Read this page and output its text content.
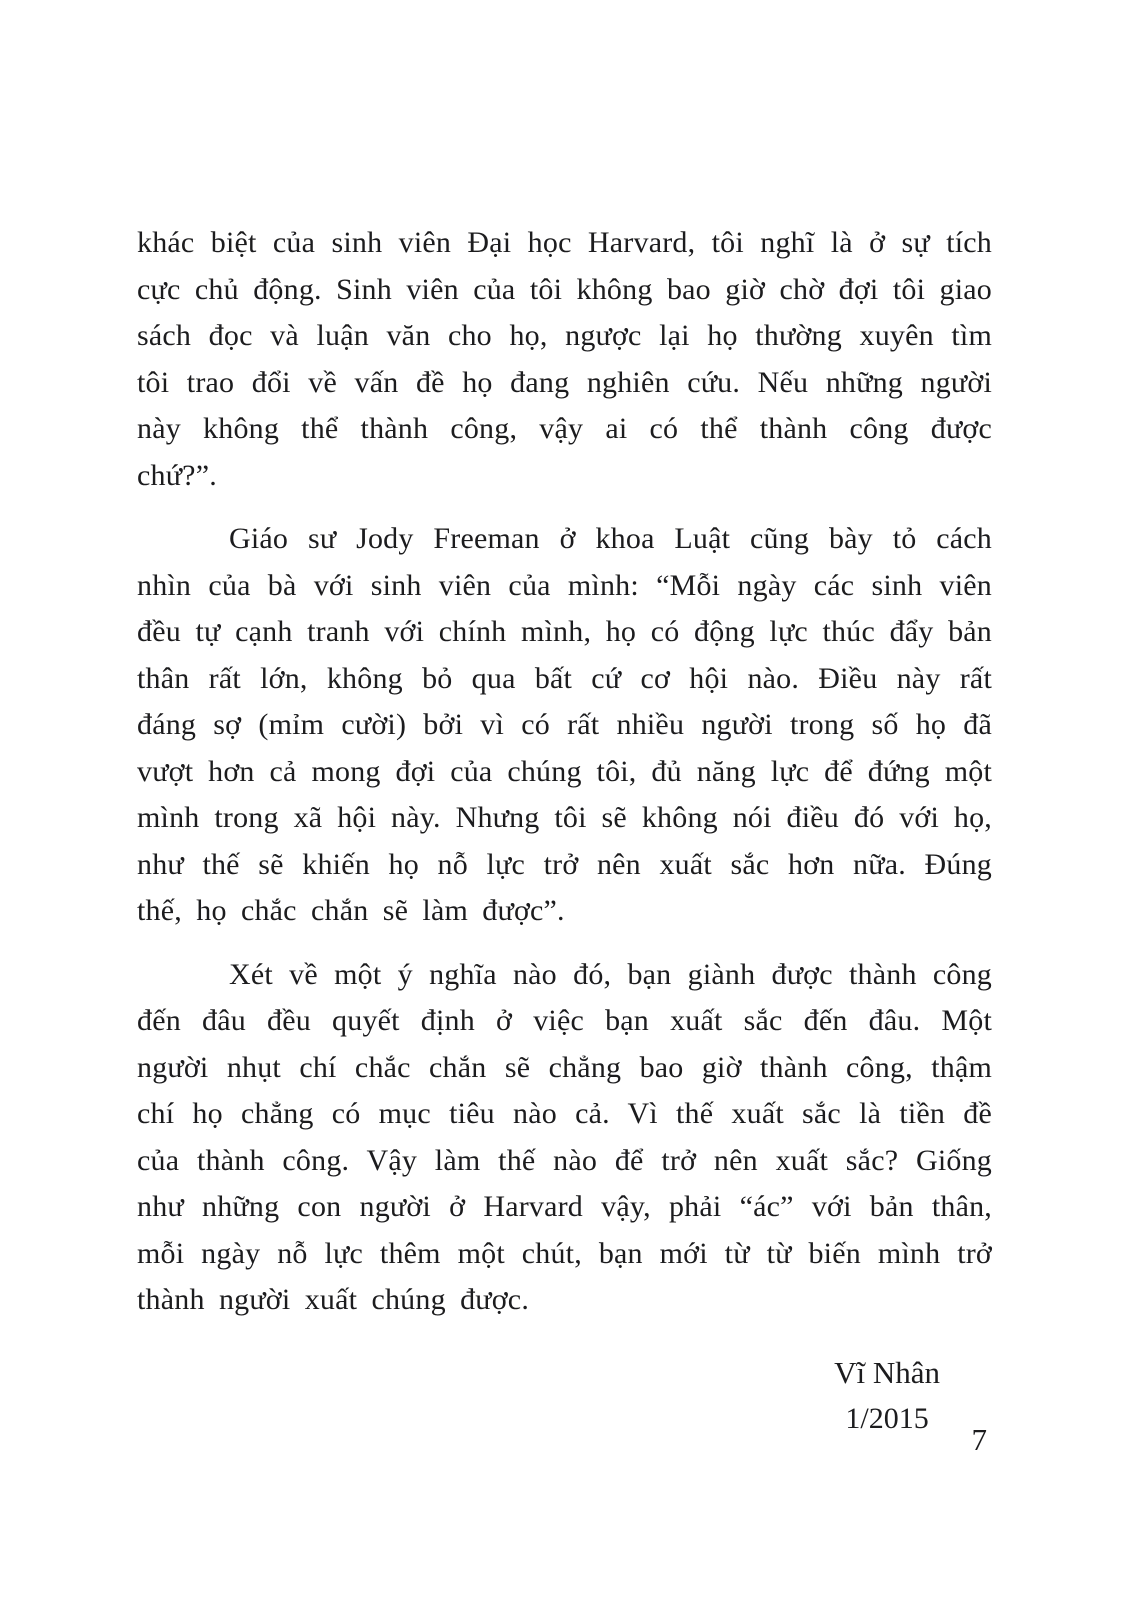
khác biệt của sinh viên Đại học Harvard, tôi nghĩ là ở sự tích cực chủ động. Sinh viên của tôi không bao giờ chờ đợi tôi giao sách đọc và luận văn cho họ, ngược lại họ thường xuyên tìm tôi trao đổi về vấn đề họ đang nghiên cứu. Nếu những người này không thể thành công, vậy ai có thể thành công được chứ?”.

Giáo sư Jody Freeman ở khoa Luật cũng bày tỏ cách nhìn của bà với sinh viên của mình: “Mỗi ngày các sinh viên đều tự cạnh tranh với chính mình, họ có động lực thúc đẩy bản thân rất lớn, không bỏ qua bất cứ cơ hội nào. Điều này rất đáng sợ (mỉm cười) bởi vì có rất nhiều người trong số họ đã vượt hơn cả mong đợi của chúng tôi, đủ năng lực để đứng một mình trong xã hội này. Nhưng tôi sẽ không nói điều đó với họ, như thế sẽ khiến họ nỗ lực trở nên xuất sắc hơn nữa. Đúng thế, họ chắc chắn sẽ làm được”.

Xét về một ý nghĩa nào đó, bạn giành được thành công đến đâu đều quyết định ở việc bạn xuất sắc đến đâu. Một người nhụt chí chắc chắn sẽ chẳng bao giờ thành công, thậm chí họ chẳng có mục tiêu nào cả. Vì thế xuất sắc là tiền đề của thành công. Vậy làm thế nào để trở nên xuất sắc? Giống như những con người ở Harvard vậy, phải “ác” với bản thân, mỗi ngày nỗ lực thêm một chút, bạn mới từ từ biến mình trở thành người xuất chúng được.

Vĩ Nhân
1/2015
7
